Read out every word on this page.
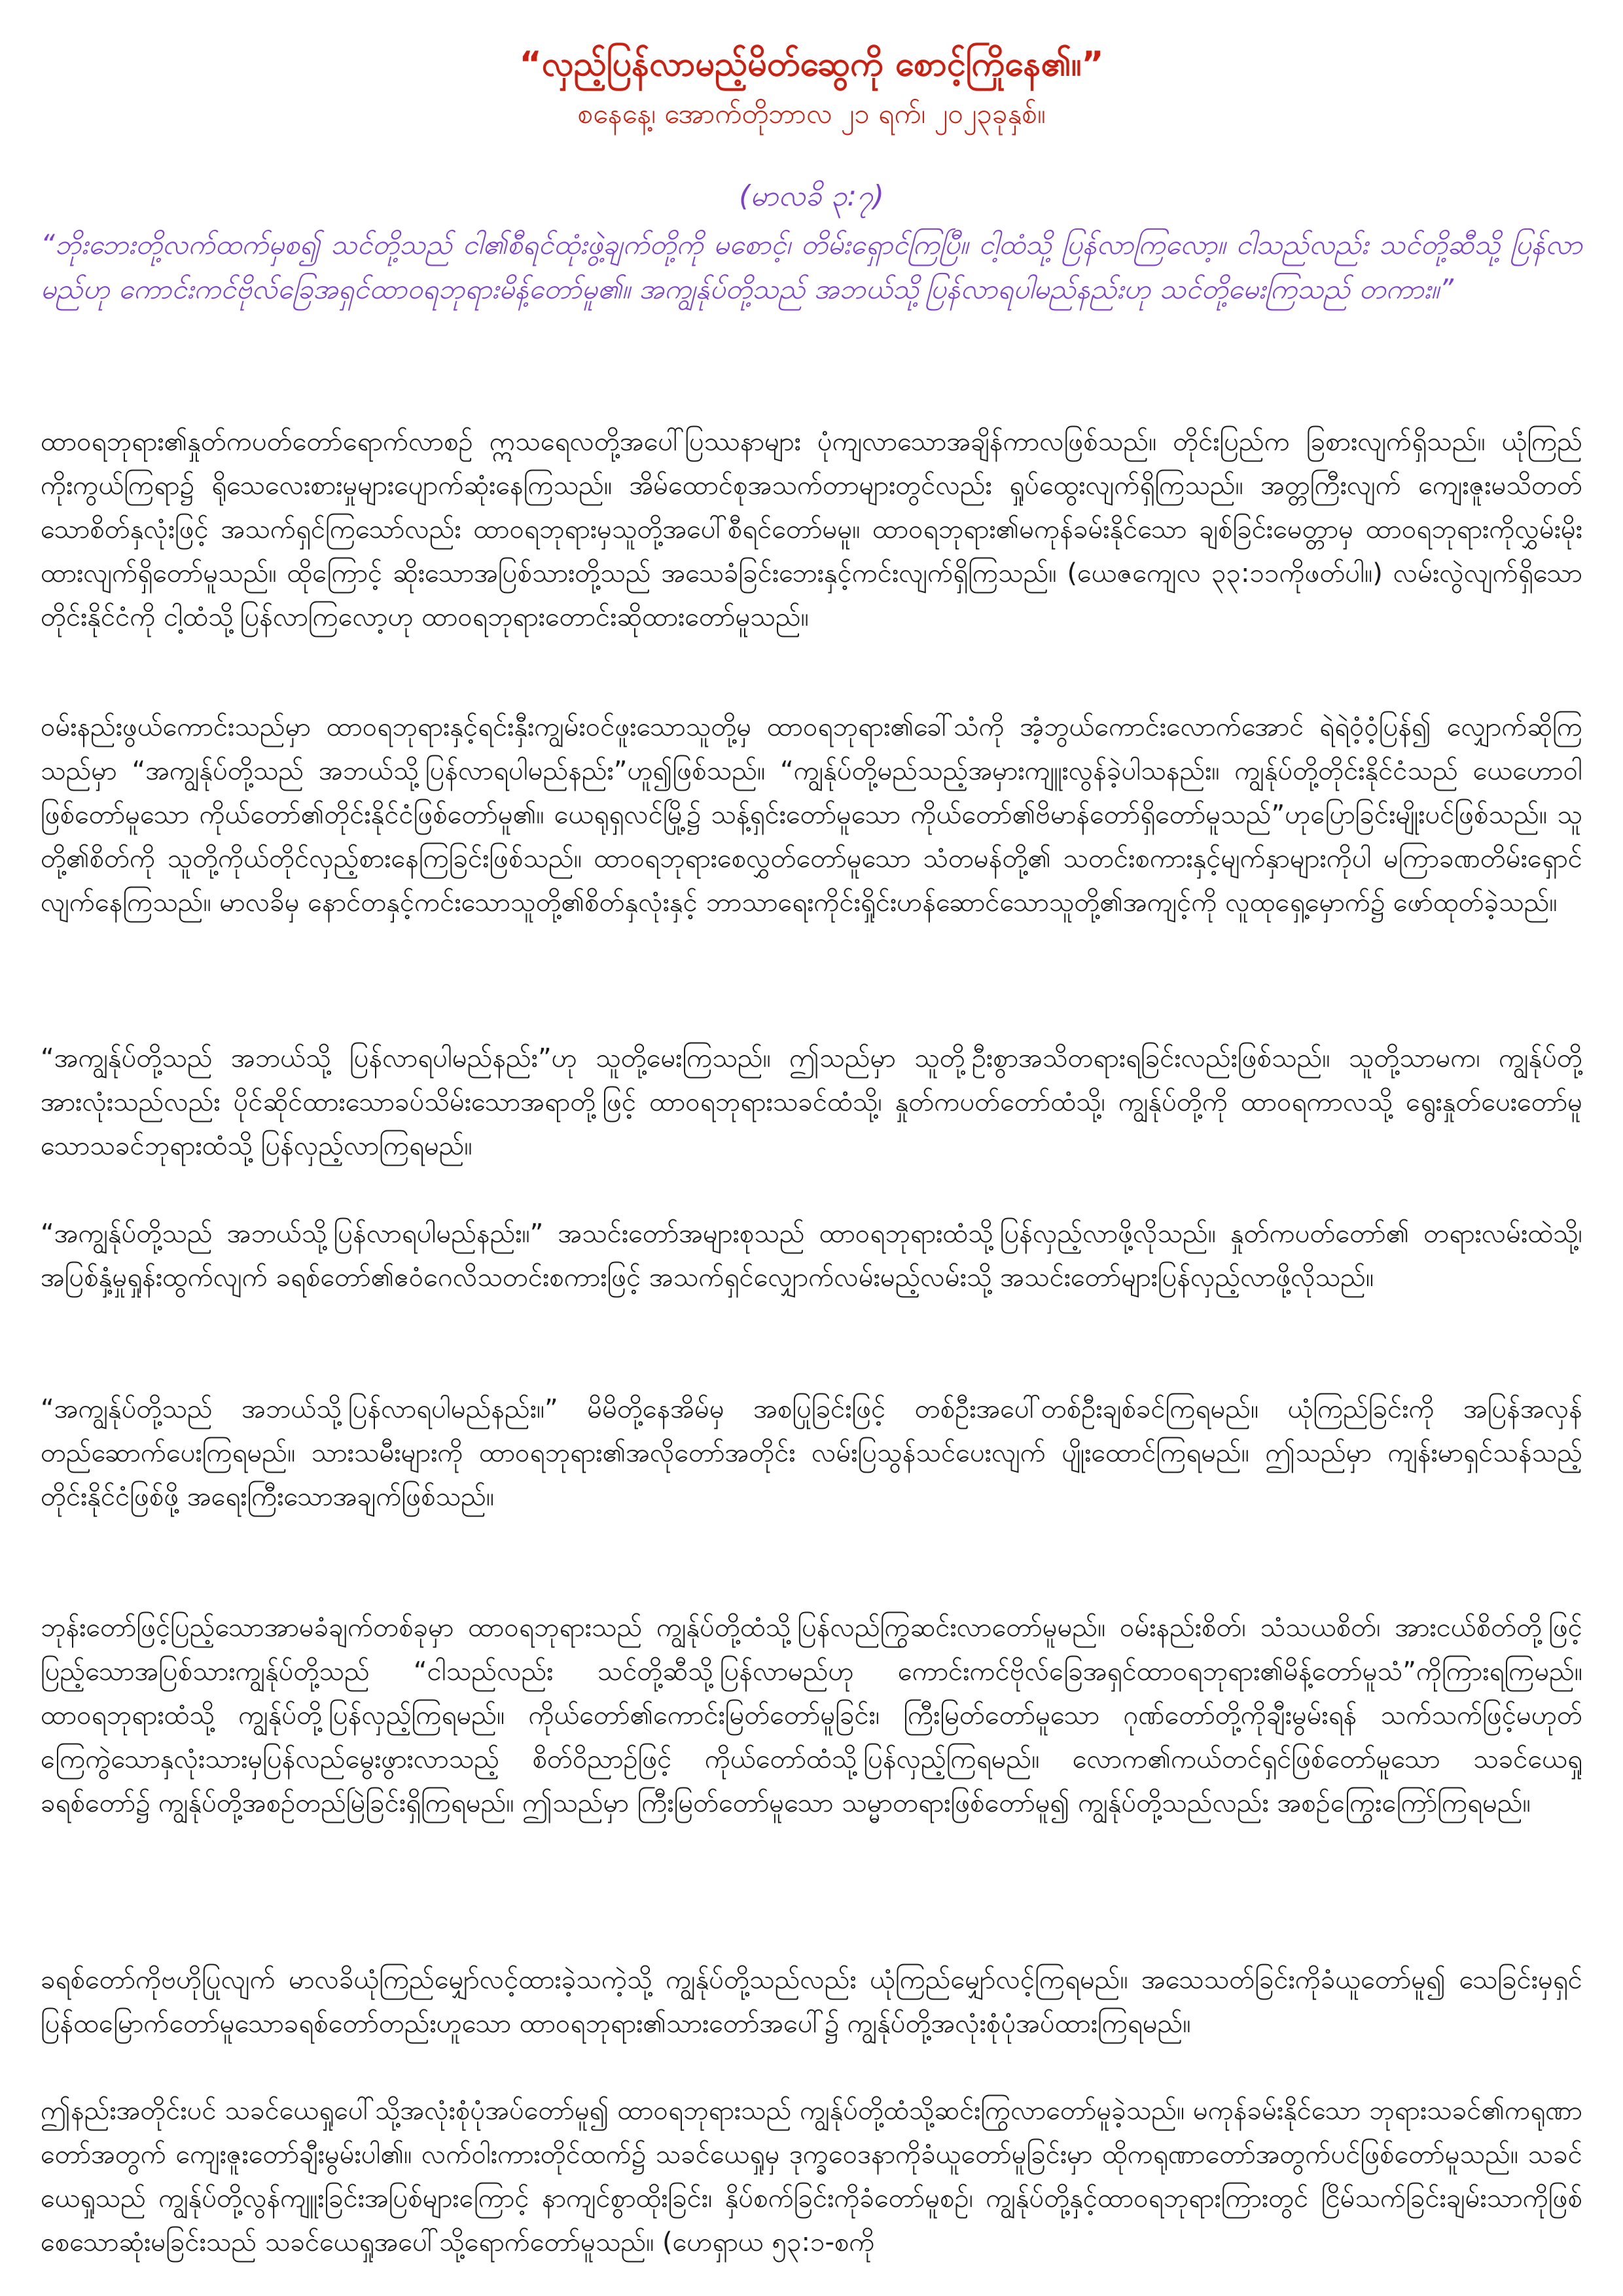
“လှည့်ပြန်လာမည့်မိတ်ဆွေကို စောင့်ကြိုနေ၏။”
စနေနေ့၊ အောက်တိုဘာလ ၂၁ ရက်၊ ၂၀၂၃ခုနှစ်။
(မာလခိ ၃:၇)

“ဘိုးဘေးတို့လက်ထက်မှစ၍ သင်တို့သည် ငါ၏စီရင်ထုံးဖွဲ့ချက်တို့ကို မစောင့်၊ တိမ်းရှောင်ကြပြီ။ ငါ့ထံသို့ ပြန်လာကြလော့။ ငါသည်လည်း သင်တို့ဆီသို့ ပြန်လာမည်ဟု ကောင်းကင်ဗိုလ်ခြေအရှင်ထာဝရဘုရားမိန့်တော်မူ၏။ အကျွန်ုပ်တို့သည် အဘယ်သို့ပြန်လာရပါမည်နည်းဟု သင်တို့မေးကြသည် တကား။”

ထာဝရဘုရား၏နှုတ်ကပတ်တော်ရောက်လာစဉ် ဣသရေလတို့အပေါ်ပြဿနာများ ပုံကျလာသောအချိန်ကာလဖြစ်သည်။ တိုင်းပြည်က ခြစားလျက်ရှိသည်။ ယုံကြည်ကိုးကွယ်ကြရာ၌ ရိုသေလေးစားမှုများပျောက်ဆုံးနေကြသည်။ အိမ်ထောင်စုအသက်တာများတွင်လည်း ရှုပ်ထွေးလျက်ရှိကြသည်။ အတ္တကြီးလျက် ကျေးဇူးမသိတတ်သောစိတ်နှလုံးဖြင့် အသက်ရှင်ကြသော်လည်း ထာဝရဘုရားမှသူတို့အပေါ်စီရင်တော်မမူ။ ထာဝရဘုရား၏မကုန်ခမ်းနိုင်သော ချစ်ခြင်းမေတ္တာမှ ထာဝရဘုရားကိုလွှမ်းမိုးထားလျက်ရှိတော်မူသည်။ ထိုကြောင့် ဆိုးသောအပြစ်သားတို့သည် အသေခံခြင်းဘေးနှင့်ကင်းလျက်ရှိကြသည်။ (ယေဇကျေလ ၃၃:၁၁ကိုဖတ်ပါ။) လမ်းလွဲလျက်ရှိသောတိုင်းနိုင်ငံကို ငါ့ထံသို့ပြန်လာကြလော့ဟု ထာဝရဘုရားတောင်းဆိုထားတော်မူသည်။

ဝမ်းနည်းဖွယ်ကောင်းသည်မှာ ထာဝရဘုရားနှင့်ရင်းနှီးကျွမ်းဝင်ဖူးသောသူတို့မှ ထာဝရဘုရား၏ခေါ်သံကို အံ့ဘွယ်ကောင်းလောက်အောင် ရဲရဲဝံ့ဝံ့ပြန်၍ လျှောက်ဆိုကြသည်မှာ “အကျွန်ုပ်တို့သည် အဘယ်သို့ပြန်လာရပါမည်နည်း”ဟူ၍ဖြစ်သည်။ “ကျွန်ုပ်တို့မည်သည့်အမှားကျူးလွန်ခဲ့ပါသနည်း။ ကျွန်ုပ်တို့တိုင်းနိုင်ငံသည် ယေဟောဝါဖြစ်တော်မူသော ကိုယ်တော်၏တိုင်းနိုင်ငံဖြစ်တော်မူ၏။ ယေရုရှလင်မြို့၌ သန့်ရှင်းတော်မူသော ကိုယ်တော်၏ဗိမာန်တော်ရှိတော်မူသည်”ဟုပြောခြင်းမျိုးပင်ဖြစ်သည်။ သူတို့၏စိတ်ကို သူတို့ကိုယ်တိုင်လှည့်စားနေကြခြင်းဖြစ်သည်။ ထာဝရဘုရားစေလွှတ်တော်မူသော သံတမန်တို့၏ သတင်းစကားနှင့်မျက်နှာများကိုပါ မကြာခဏတိမ်းရှောင်လျက်နေကြသည်။ မာလခိမှ နောင်တနှင့်ကင်းသောသူတို့၏စိတ်နှလုံးနှင့် ဘာသာရေးကိုင်းရှိုင်းဟန်ဆောင်သောသူတို့၏အကျင့်ကို လူထုရှေ့မှောက်၌ ဖော်ထုတ်ခဲ့သည်။

“အကျွန်ုပ်တို့သည် အဘယ်သို့ ပြန်လာရပါမည်နည်း”ဟု သူတို့မေးကြသည်။ ဤသည်မှာ သူတို့ဦးစွာအသိတရားရခြင်းလည်းဖြစ်သည်။ သူတို့သာမက၊ ကျွန်ုပ်တို့အားလုံးသည်လည်း ပိုင်ဆိုင်ထားသောခပ်သိမ်းသောအရာတို့ဖြင့် ထာဝရဘုရားသခင်ထံသို့၊ နှုတ်ကပတ်တော်ထံသို့၊ ကျွန်ုပ်တို့ကို ထာဝရကာလသို့ ရွေးနှုတ်ပေးတော်မူသောသခင်ဘုရားထံသို့ ပြန်လှည့်လာကြရမည်။

“အကျွန်ုပ်တို့သည် အဘယ်သို့ပြန်လာရပါမည်နည်း။” အသင်းတော်အများစုသည် ထာဝရဘုရားထံသို့ပြန်လှည့်လာဖို့လိုသည်။ နှုတ်ကပတ်တော်၏ တရားလမ်းထဲသို့၊ အပြစ်နှံ့မှုရှုန်းထွက်လျက် ခရစ်တော်၏ဧဝံဂေလိသတင်းစကားဖြင့် အသက်ရှင်လျှောက်လမ်းမည့်လမ်းသို့ အသင်းတော်များပြန်လှည့်လာဖို့လိုသည်။

“အကျွန်ုပ်တို့သည် အဘယ်သို့ပြန်လာရပါမည်နည်း။” မိမိတို့နေအိမ်မှ အစပြုခြင်းဖြင့် တစ်ဦးအပေါ်တစ်ဦးချစ်ခင်ကြရမည်။ ယုံကြည်ခြင်းကို အပြန်အလှန်တည်ဆောက်ပေးကြရမည်။ သားသမီးများကို ထာဝရဘုရား၏အလိုတော်အတိုင်း လမ်းပြသွန်သင်ပေးလျက် ပျိုးထောင်ကြရမည်။ ဤသည်မှာ ကျန်းမာရှင်သန်သည့်တိုင်းနိုင်ငံဖြစ်ဖို့ အရေးကြီးသောအချက်ဖြစ်သည်။

ဘုန်းတော်ဖြင့်ပြည့်သောအာမခံချက်တစ်ခုမှာ ထာဝရဘုရားသည် ကျွန်ုပ်တို့ထံသို့ပြန်လည်ကြွဆင်းလာတော်မူမည်။ ဝမ်းနည်းစိတ်၊ သံသယစိတ်၊ အားငယ်စိတ်တို့ဖြင့်ပြည့်သောအပြစ်သားကျွန်ုပ်တို့သည် “ငါသည်လည်း သင်တို့ဆီသို့ပြန်လာမည်ဟု ကောင်းကင်ဗိုလ်ခြေအရှင်ထာဝရဘုရား၏မိန့်တော်မူသံ”ကိုကြားရကြမည်။ ထာဝရဘုရားထံသို့ ကျွန်ုပ်တို့ပြန်လှည့်ကြရမည်။ ကိုယ်တော်၏ကောင်းမြတ်တော်မူခြင်း၊ ကြီးမြတ်တော်မူသော ဂုဏ်တော်တို့ကိုချီးမွမ်းရန် သက်သက်ဖြင့်မဟုတ် ကြေကွဲသောနှလုံးသားမှပြန်လည်မွေးဖွားလာသည့် စိတ်ဝိညာဉ်ဖြင့် ကိုယ်တော်ထံသို့ပြန်လှည့်ကြရမည်။ လောက၏ကယ်တင်ရှင်ဖြစ်တော်မူသော သခင်ယေရှုခရစ်တော်၌ ကျွန်ုပ်တို့အစဉ်တည်မြဲခြင်းရှိကြရမည်။ ဤသည်မှာ ကြီးမြတ်တော်မူသော သမ္မာတရားဖြစ်တော်မူ၍ ကျွန်ုပ်တို့သည်လည်း အစဉ်ကြွေးကြော်ကြရမည်။

ခရစ်တော်ကိုဗဟိုပြုလျက် မာလခိယုံကြည်မျှော်လင့်ထားခဲ့သကဲ့သို့ ကျွန်ုပ်တို့သည်လည်း ယုံကြည်မျှော်လင့်ကြရမည်။ အသေသတ်ခြင်းကိုခံယူတော်မူ၍ သေခြင်းမှရှင်ပြန်ထမြောက်တော်မူသောခရစ်တော်တည်းဟူသော ထာဝရဘုရား၏သားတော်အပေါ်၌ ကျွန်ုပ်တို့အလုံးစုံပုံအပ်ထားကြရမည်။

ဤနည်းအတိုင်းပင် သခင်ယေရှုပေါ်သို့အလုံးစုံပုံအပ်တော်မူ၍ ထာဝရဘုရားသည် ကျွန်ုပ်တို့ထံသို့ဆင်းကြွလာတော်မူခဲ့သည်။ မကုန်ခမ်းနိုင်သော ဘုရားသခင်၏ကရုဏာတော်အတွက် ကျေးဇူးတော်ချီးမွမ်းပါ၏။ လက်ဝါးကားတိုင်ထက်၌ သခင်ယေရှုမှ ဒုက္ခဝေဒနာကိုခံယူတော်မူခြင်းမှာ ထိုကရုဏာတော်အတွက်ပင်ဖြစ်တော်မူသည်။ သခင်ယေရှုသည် ကျွန်ုပ်တို့လွန်ကျူးခြင်းအပြစ်များကြောင့် နာကျင်စွာထိုးခြင်း၊ နှိပ်စက်ခြင်းကိုခံတော်မူစဉ်၊ ကျွန်ုပ်တို့နှင့်ထာဝရဘုရားကြားတွင် ငြိမ်သက်ခြင်းချမ်းသာကိုဖြစ်စေသောဆုံးမခြင်းသည် သခင်ယေရှုအပေါ်သို့ရောက်တော်မူသည်။ (ဟေရှာယ ၅၃:၁-စကို
